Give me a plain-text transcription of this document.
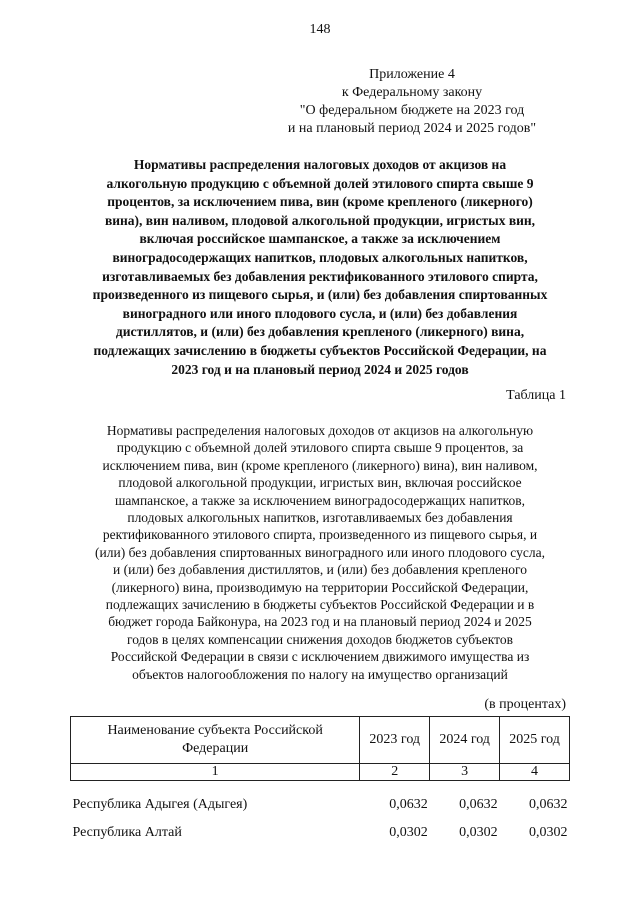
148
Приложение 4
к Федеральному закону
"О федеральном бюджете на 2023 год
и на плановый период 2024 и 2025 годов"
Нормативы распределения налоговых доходов от акцизов на
алкогольную продукцию с объемной долей этилового спирта свыше 9
процентов, за исключением пива, вин (кроме крепленого (ликерного)
вина), вин наливом, плодовой алкогольной продукции, игристых вин,
включая российское шампанское, а также за исключением
виноградосодержащих напитков, плодовых алкогольных напитков,
изготавливаемых без добавления ректификованного этилового спирта,
произведенного из пищевого сырья, и (или) без добавления спиртованных
виноградного или иного плодового сусла, и (или) без добавления
дистиллятов, и (или) без добавления крепленого (ликерного) вина,
подлежащих зачислению в бюджеты субъектов Российской Федерации, на
2023 год и на плановый период 2024 и 2025 годов
Таблица 1
Нормативы распределения налоговых доходов от акцизов на алкогольную
продукцию с объемной долей этилового спирта свыше 9 процентов, за
исключением пива, вин (кроме крепленого (ликерного) вина), вин наливом,
плодовой алкогольной продукции, игристых вин, включая российское
шампанское, а также за исключением виноградосодержащих напитков,
плодовых алкогольных напитков, изготавливаемых без добавления
ректификованного этилового спирта, произведенного из пищевого сырья, и
(или) без добавления спиртованных виноградного или иного плодового сусла,
и (или) без добавления дистиллятов, и (или) без добавления крепленого
(ликерного) вина, производимую на территории Российской Федерации,
подлежащих зачислению в бюджеты субъектов Российской Федерации и в
бюджет города Байконура, на 2023 год и на плановый период 2024 и 2025
годов в целях компенсации снижения доходов бюджетов субъектов
Российской Федерации в связи с исключением движимого имущества из
объектов налогообложения по налогу на имущество организаций
(в процентах)
Наименование субъекта Российской
Федерации	2023 год	2024 год	2025 год
1	2	3	4

Республика Адыгея (Адыгея)	0,0632	0,0632	0,0632
Республика Алтай	0,0302	0,0302	0,0302
